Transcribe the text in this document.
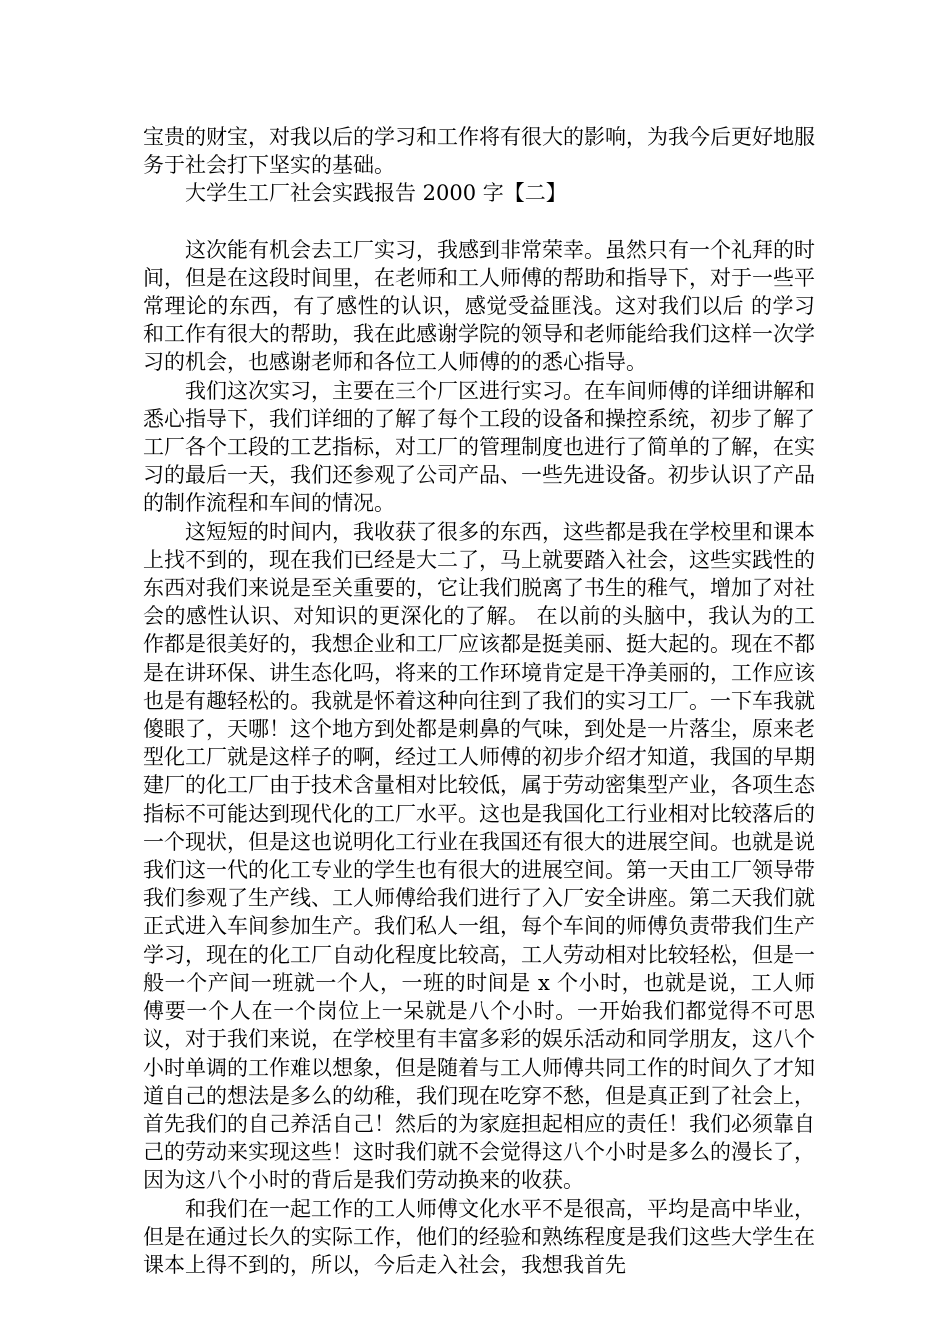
宝贵的财宝，对我以后的学习和工作将有很大的影响，为我今后更好地服务于社会打下坚实的基础。

大学生工厂社会实践报告 2000 字【二】

这次能有机会去工厂实习，我感到非常荣幸。虽然只有一个礼拜的时间，但是在这段时间里，在老师和工人师傅的帮助和指导下，对于一些平常理论的东西，有了感性的认识，感觉受益匪浅。这对我们以后 的学习和工作有很大的帮助，我在此感谢学院的领导和老师能给我们这样一次学习的机会，也感谢老师和各位工人师傅的的悉心指导。

我们这次实习，主要在三个厂区进行实习。在车间师傅的详细讲解和悉心指导下，我们详细的了解了每个工段的设备和操控系统，初步了解了工厂各个工段的工艺指标，对工厂的管理制度也进行了简单的了解，在实习的最后一天，我们还参观了公司产品、一些先进设备。初步认识了产品的制作流程和车间的情况。

这短短的时间内，我收获了很多的东西，这些都是我在学校里和课本上找不到的，现在我们已经是大二了，马上就要踏入社会，这些实践性的东西对我们来说是至关重要的，它让我们脱离了书生的稚气，增加了对社会的感性认识、对知识的更深化的了解。 在以前的头脑中，我认为的工作都是很美好的，我想企业和工厂应该都是挺美丽、挺大起的。现在不都是在讲环保、讲生态化吗，将来的工作环境肯定是干净美丽的，工作应该也是有趣轻松的。我就是怀着这种向往到了我们的实习工厂。一下车我就傻眼了，天哪！这个地方到处都是刺鼻的气味，到处是一片落尘，原来老型化工厂就是这样子的啊，经过工人师傅的初步介绍才知道，我国的早期建厂的化工厂由于技术含量相对比较低，属于劳动密集型产业，各项生态指标不可能达到现代化的工厂水平。这也是我国化工行业相对比较落后的一个现状，但是这也说明化工行业在我国还有很大的进展空间。也就是说我们这一代的化工专业的学生也有很大的进展空间。第一天由工厂领导带我们参观了生产线、工人师傅给我们进行了入厂安全讲座。第二天我们就正式进入车间参加生产。我们私人一组，每个车间的师傅负责带我们生产学习，现在的化工厂自动化程度比较高，工人劳动相对比较轻松，但是一般一个产间一班就一个人，一班的时间是 x 个小时，也就是说，工人师傅要一个人在一个岗位上一呆就是八个小时。一开始我们都觉得不可思议，对于我们来说，在学校里有丰富多彩的娱乐活动和同学朋友，这八个小时单调的工作难以想象，但是随着与工人师傅共同工作的时间久了才知道自己的想法是多么的幼稚，我们现在吃穿不愁，但是真正到了社会上，首先我们的自己养活自己！然后的为家庭担起相应的责任！我们必须靠自己的劳动来实现这些！这时我们就不会觉得这八个小时是多么的漫长了，因为这八个小时的背后是我们劳动换来的收获。

和我们在一起工作的工人师傅文化水平不是很高，平均是高中毕业，但是在通过长久的实际工作，他们的经验和熟练程度是我们这些大学生在课本上得不到的，所以，今后走入社会，我想我首先
